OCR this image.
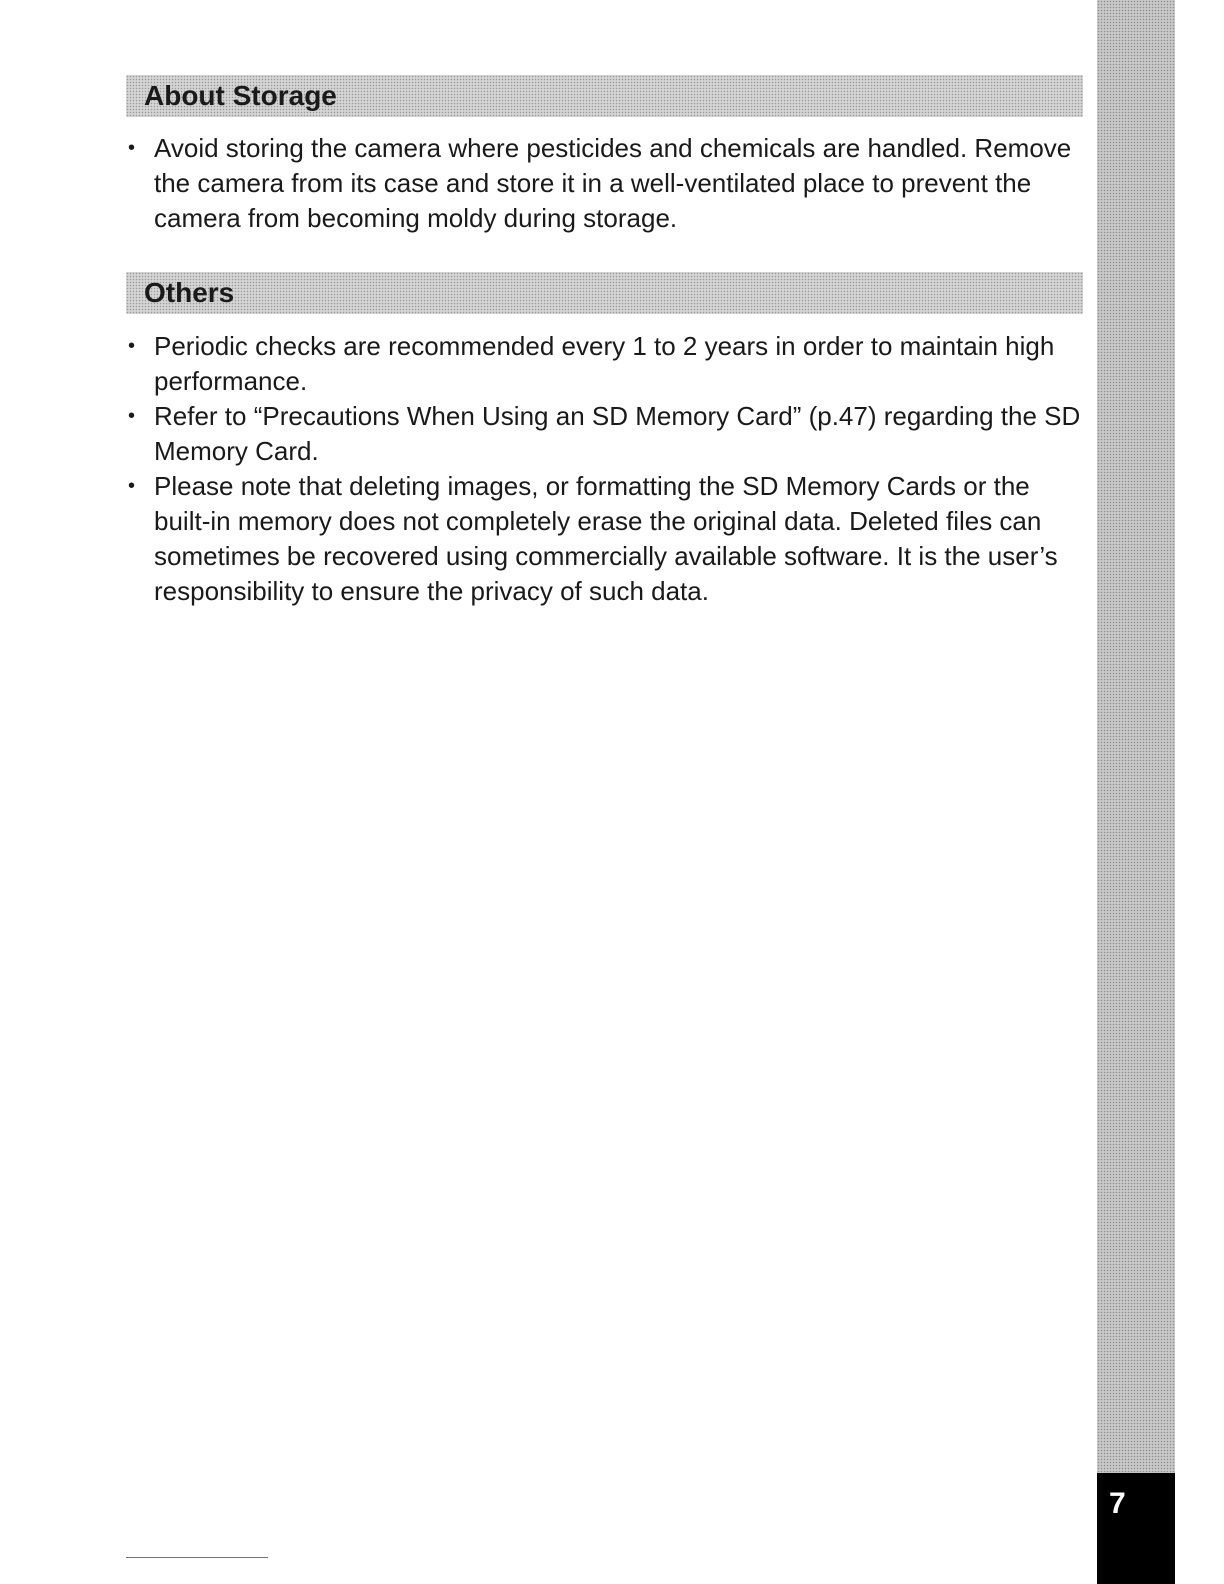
7
About Storage
• Avoid storing the camera where pesticides and chemicals are handled. Remove the camera from its case and store it in a well-ventilated place to prevent the camera from becoming moldy during storage.
Others
• Periodic checks are recommended every 1 to 2 years in order to maintain high performance.
• Refer to “Precautions When Using an SD Memory Card” (p.47) regarding the SD Memory Card.
• Please note that deleting images, or formatting the SD Memory Cards or the built-in memory does not completely erase the original data. Deleted files can sometimes be recovered using commercially available software. It is the user’s responsibility to ensure the privacy of such data.
